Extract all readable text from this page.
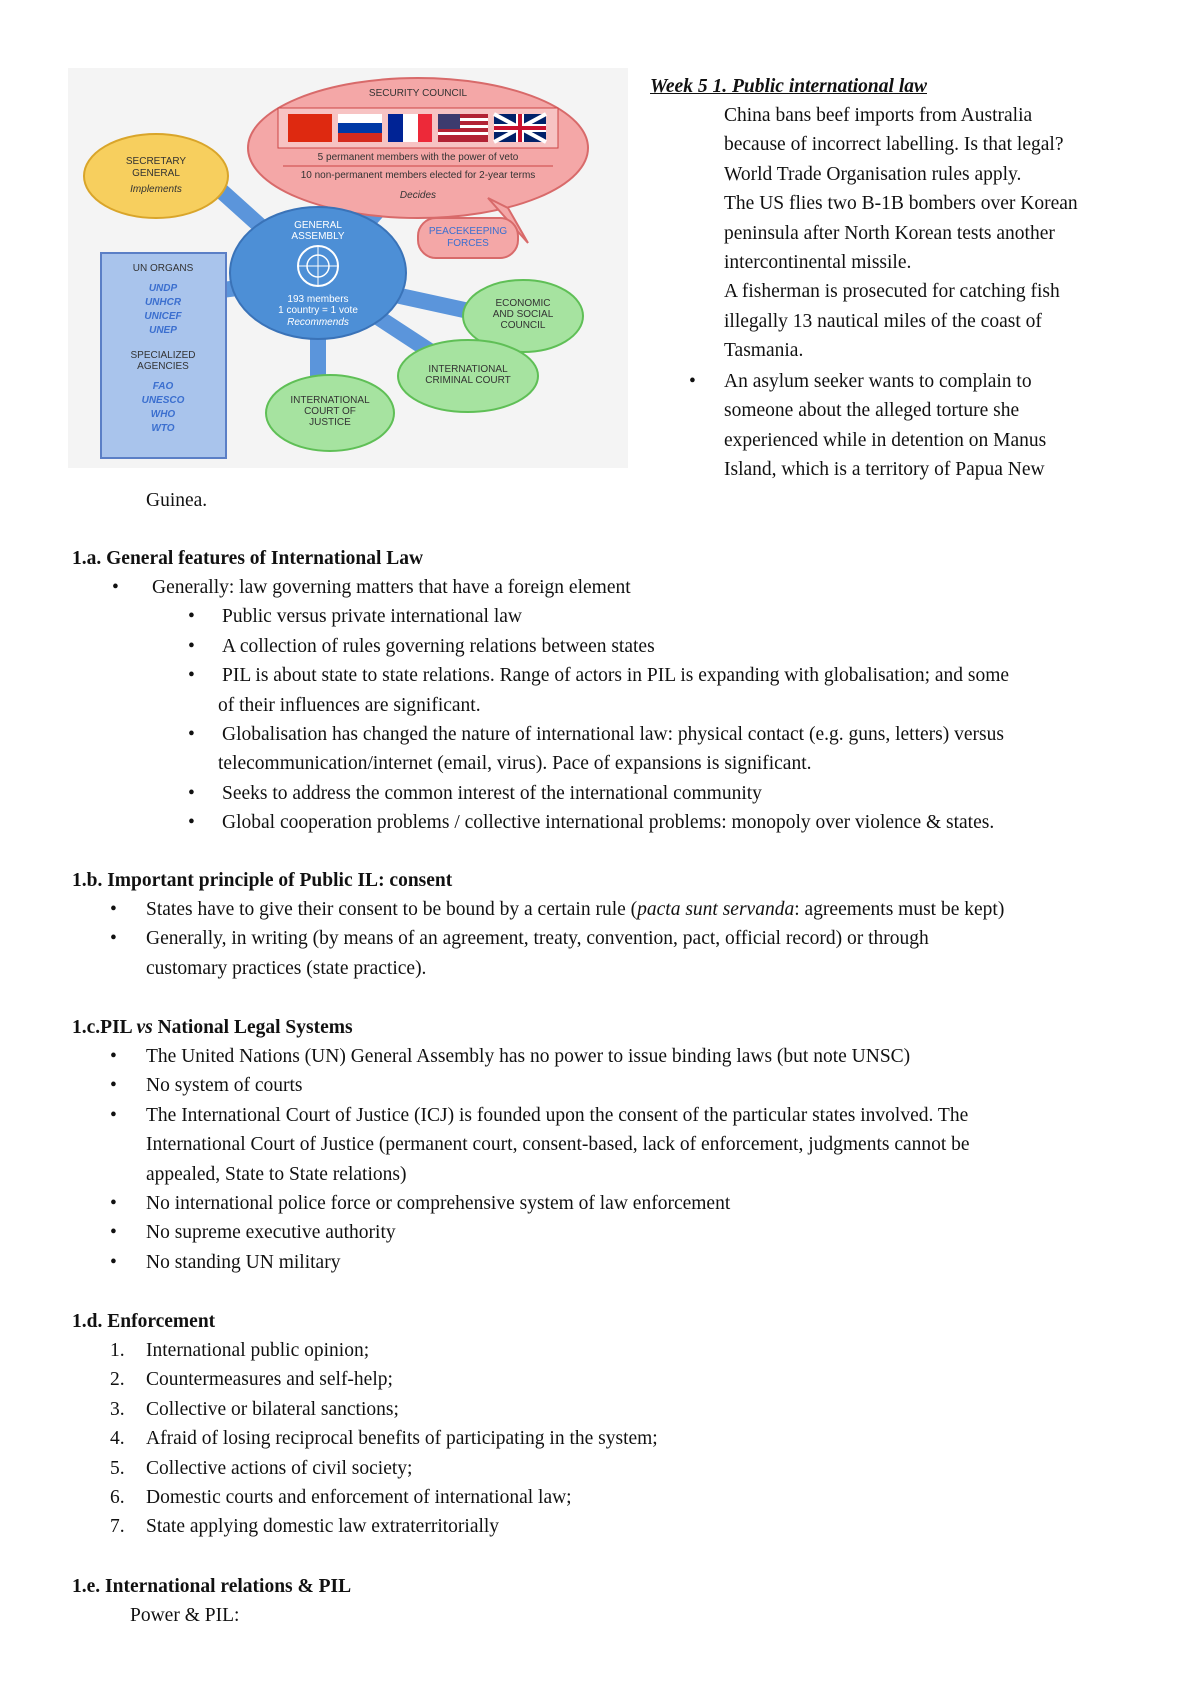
SECURITY COUNCIL
5 permanent members with the power of veto
10 non-permanent members elected for 2-year terms
Decides
PEACEKEEPING
FORCES
SECRETARY
GENERAL
Implements
GENERAL
ASSEMBLY
193 members
1 country = 1 vote
Recommends
UN ORGANS
UNDP
UNHCR
UNICEF
UNEP
SPECIALIZED
AGENCIES
FAO
UNESCO
WHO
WTO
ECONOMIC
AND SOCIAL
COUNCIL
INTERNATIONAL
CRIMINAL COURT
INTERNATIONAL
COURT OF
JUSTICE
Week 5 1. Public international law
China bans beef imports from Australia
because of incorrect labelling. Is that legal?
World Trade Organisation rules apply.
The US flies two B-1B bombers over Korean
peninsula after North Korean tests another
intercontinental missile.
A fisherman is prosecuted for catching fish
illegally 13 nautical miles of the coast of
Tasmania.
• An asylum seeker wants to complain to
someone about the alleged torture she
experienced while in detention on Manus
Island, which is a territory of Papua New
Guinea.
1.a. General features of International Law
• Generally: law governing matters that have a foreign element
• Public versus private international law
• A collection of rules governing relations between states
• PIL is about state to state relations. Range of actors in PIL is expanding with globalisation; and some
of their influences are significant.
• Globalisation has changed the nature of international law: physical contact (e.g. guns, letters) versus
telecommunication/internet (email, virus). Pace of expansions is significant.
• Seeks to address the common interest of the international community
• Global cooperation problems / collective international problems: monopoly over violence & states.
1.b. Important principle of Public IL: consent
• States have to give their consent to be bound by a certain rule (pacta sunt servanda: agreements must be kept)
• Generally, in writing (by means of an agreement, treaty, convention, pact, official record) or through
customary practices (state practice).
1.c.PIL vs National Legal Systems
• The United Nations (UN) General Assembly has no power to issue binding laws (but note UNSC)
• No system of courts
• The International Court of Justice (ICJ) is founded upon the consent of the particular states involved. The
International Court of Justice (permanent court, consent-based, lack of enforcement, judgments cannot be
appealed, State to State relations)
• No international police force or comprehensive system of law enforcement
• No supreme executive authority
• No standing UN military
1.d. Enforcement
1. International public opinion;
2. Countermeasures and self-help;
3. Collective or bilateral sanctions;
4. Afraid of losing reciprocal benefits of participating in the system;
5. Collective actions of civil society;
6. Domestic courts and enforcement of international law;
7. State applying domestic law extraterritorially
1.e. International relations & PIL
Power & PIL:
